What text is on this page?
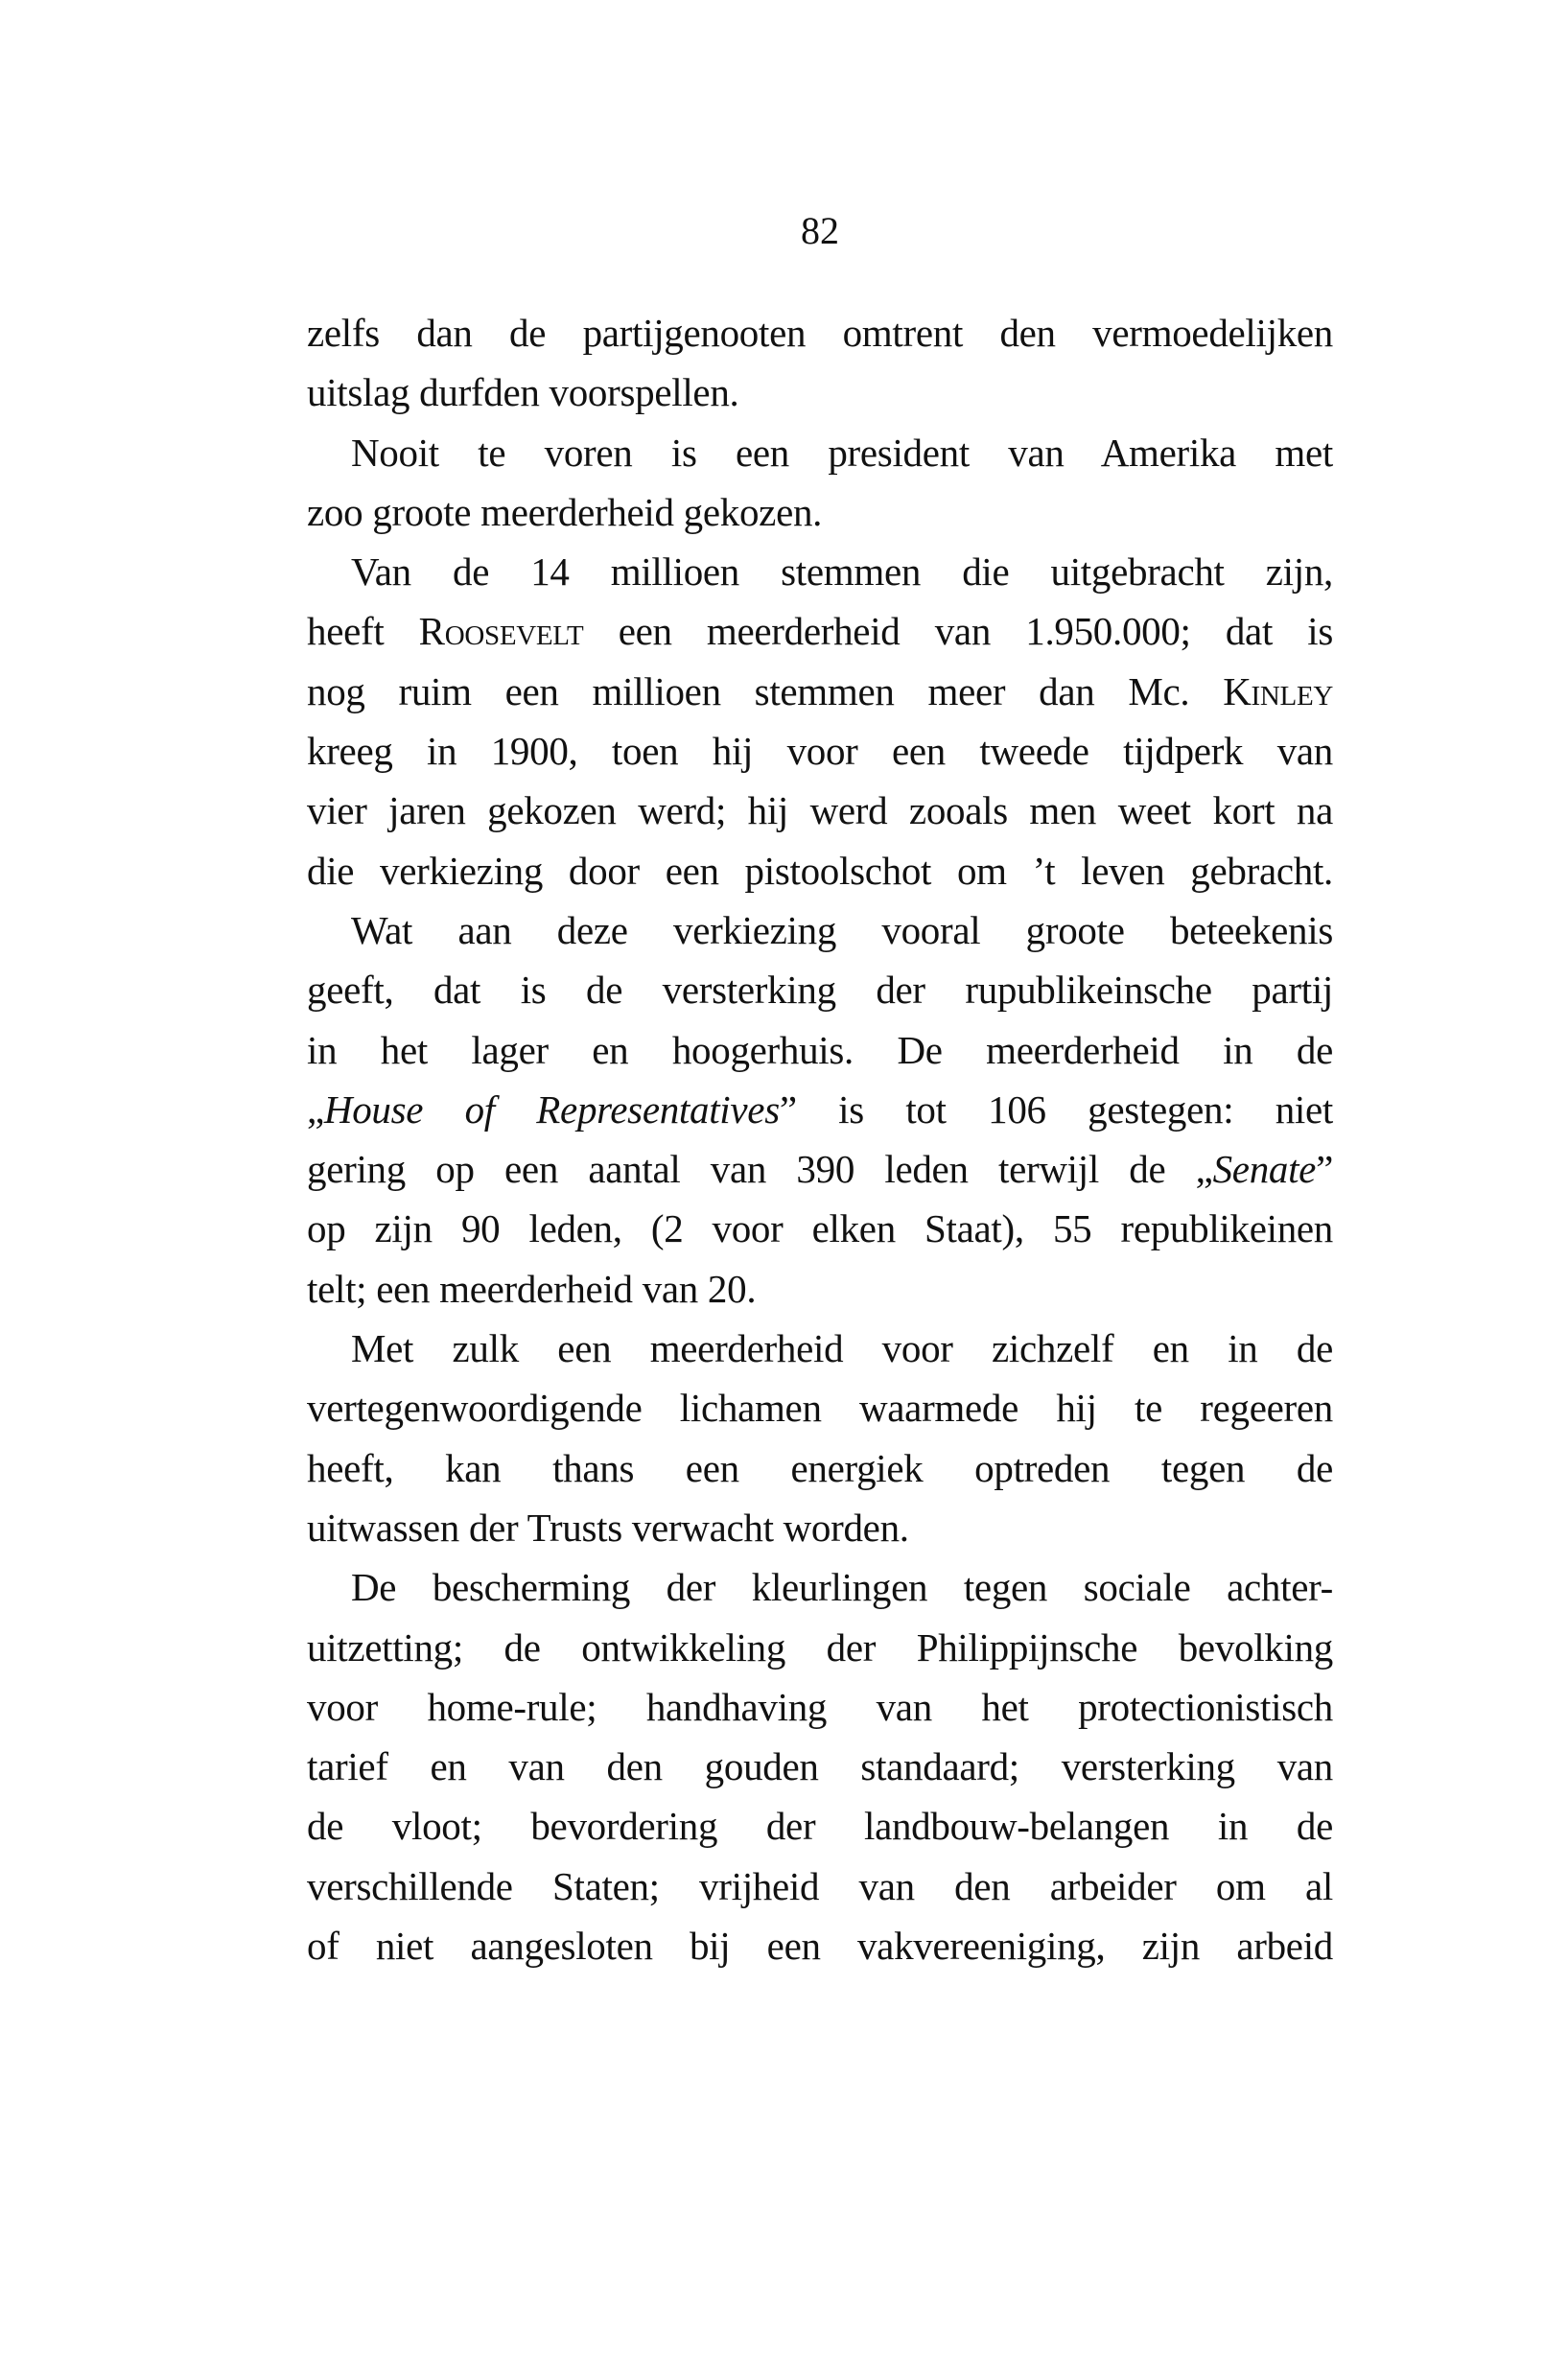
82
zelfs dan de partijgenooten omtrent den vermoedelijken
uitslag durfden voorspellen.
Nooit te voren is een president van Amerika met
zoo groote meerderheid gekozen.
Van de 14 millioen stemmen die uitgebracht zijn,
heeft Roosevelt een meerderheid van 1.950.000; dat is
nog ruim een millioen stemmen meer dan Mc. Kinley
kreeg in 1900, toen hij voor een tweede tijdperk van
vier jaren gekozen werd; hij werd zooals men weet kort na
die verkiezing door een pistoolschot om ’t leven gebracht.
Wat aan deze verkiezing vooral groote beteekenis
geeft, dat is de versterking der rupublikeinsche partij
in het lager en hoogerhuis. De meerderheid in de
„House of Representatives” is tot 106 gestegen: niet
gering op een aantal van 390 leden terwijl de „Senate”
op zijn 90 leden, (2 voor elken Staat), 55 republikeinen
telt; een meerderheid van 20.
Met zulk een meerderheid voor zichzelf en in de
vertegenwoordigende lichamen waarmede hij te regeeren
heeft, kan thans een energiek optreden tegen de
uitwassen der Trusts verwacht worden.
De bescherming der kleurlingen tegen sociale achter-
uitzetting; de ontwikkeling der Philippijnsche bevolking
voor home-rule; handhaving van het protectionistisch
tarief en van den gouden standaard; versterking van
de vloot; bevordering der landbouw-belangen in de
verschillende Staten; vrijheid van den arbeider om al
of niet aangesloten bij een vakvereeniging, zijn arbeid
